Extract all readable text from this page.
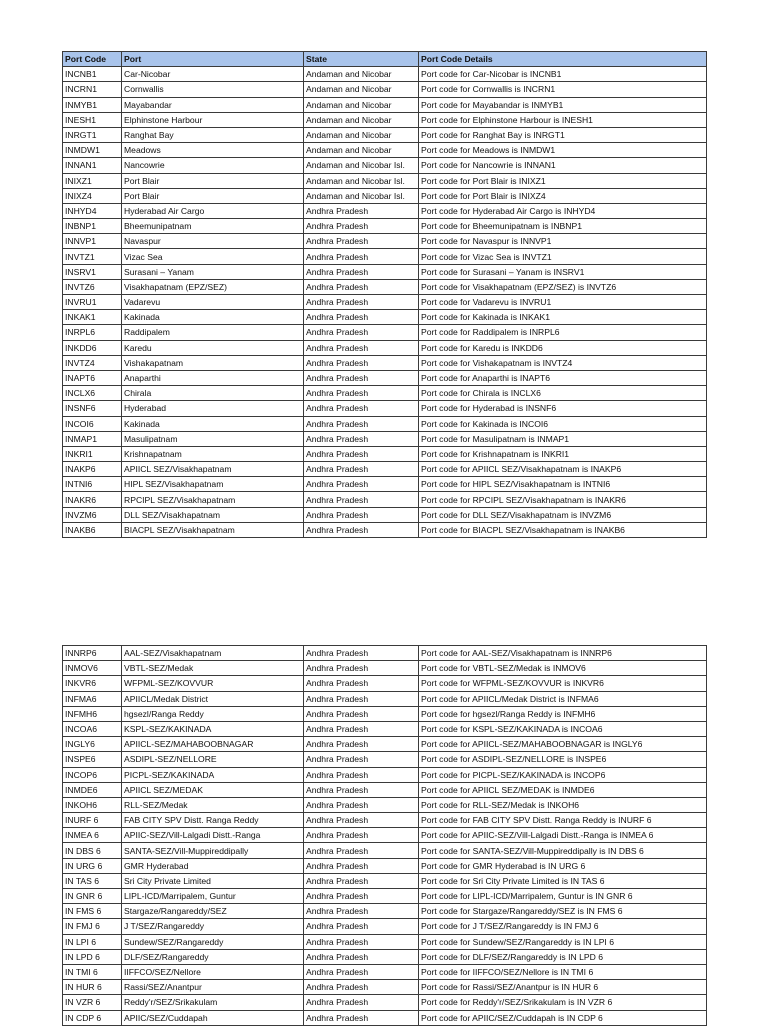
Port Code	Port	State	Port Code Details
INCNB1	Car-Nicobar	Andaman and Nicobar	Port code for Car-Nicobar is INCNB1
INCRN1	Cornwallis	Andaman and Nicobar	Port code for Cornwallis is INCRN1
INMYB1	Mayabandar	Andaman and Nicobar	Port code for Mayabandar is INMYB1
INESH1	Elphinstone Harbour	Andaman and Nicobar	Port code for Elphinstone Harbour is INESH1
INRGT1	Ranghat Bay	Andaman and Nicobar	Port code for Ranghat Bay is INRGT1
INMDW1	Meadows	Andaman and Nicobar	Port code for Meadows is INMDW1
INNAN1	Nancowrie	Andaman and Nicobar Isl.	Port code for Nancowrie is INNAN1
INIXZ1	Port Blair	Andaman and Nicobar Isl.	Port code for Port Blair is INIXZ1
INIXZ4	Port Blair	Andaman and Nicobar Isl.	Port code for Port Blair is INIXZ4
INHYD4	Hyderabad Air Cargo	Andhra Pradesh	Port code for Hyderabad Air Cargo is INHYD4
INBNP1	Bheemunipatnam	Andhra Pradesh	Port code for Bheemunipatnam is INBNP1
INNVP1	Navaspur	Andhra Pradesh	Port code for Navaspur is INNVP1
INVTZ1	Vizac Sea	Andhra Pradesh	Port code for Vizac Sea is INVTZ1
INSRV1	Surasani – Yanam	Andhra Pradesh	Port code for Surasani – Yanam is INSRV1
INVTZ6	Visakhapatnam (EPZ/SEZ)	Andhra Pradesh	Port code for Visakhapatnam (EPZ/SEZ) is INVTZ6
INVRU1	Vadarevu	Andhra Pradesh	Port code for Vadarevu is INVRU1
INKAK1	Kakinada	Andhra Pradesh	Port code for Kakinada is INKAK1
INRPL6	Raddipalem	Andhra Pradesh	Port code for Raddipalem is INRPL6
INKDD6	Karedu	Andhra Pradesh	Port code for Karedu is INKDD6
INVTZ4	Vishakapatnam	Andhra Pradesh	Port code for Vishakapatnam is INVTZ4
INAPT6	Anaparthi	Andhra Pradesh	Port code for Anaparthi is INAPT6
INCLX6	Chirala	Andhra Pradesh	Port code for Chirala is INCLX6
INSNF6	Hyderabad	Andhra Pradesh	Port code for Hyderabad is INSNF6
INCOI6	Kakinada	Andhra Pradesh	Port code for Kakinada is INCOI6
INMAP1	Masulipatnam	Andhra Pradesh	Port code for Masulipatnam is INMAP1
INKRI1	Krishnapatnam	Andhra Pradesh	Port code for Krishnapatnam is INKRI1
INAKP6	APIICL SEZ/Visakhapatnam	Andhra Pradesh	Port code for APIICL SEZ/Visakhapatnam is INAKP6
INTNI6	HIPL SEZ/Visakhapatnam	Andhra Pradesh	Port code for HIPL SEZ/Visakhapatnam is INTNI6
INAKR6	RPCIPL SEZ/Visakhapatnam	Andhra Pradesh	Port code for RPCIPL SEZ/Visakhapatnam is INAKR6
INVZM6	DLL SEZ/Visakhapatnam	Andhra Pradesh	Port code for DLL SEZ/Visakhapatnam is INVZM6
INAKB6	BIACPL SEZ/Visakhapatnam	Andhra Pradesh	Port code for BIACPL SEZ/Visakhapatnam is INAKB6
INNRP6	AAL-SEZ/Visakhapatnam	Andhra Pradesh	Port code for AAL-SEZ/Visakhapatnam is INNRP6
INMOV6	VBTL-SEZ/Medak	Andhra Pradesh	Port code for VBTL-SEZ/Medak is INMOV6
INKVR6	WFPML-SEZ/KOVVUR	Andhra Pradesh	Port code for WFPML-SEZ/KOVVUR is INKVR6
INFMA6	APIICL/Medak District	Andhra Pradesh	Port code for APIICL/Medak District is INFMA6
INFMH6	hgsezl/Ranga Reddy	Andhra Pradesh	Port code for hgsezl/Ranga Reddy is INFMH6
INCOA6	KSPL-SEZ/KAKINADA	Andhra Pradesh	Port code for KSPL-SEZ/KAKINADA is INCOA6
INGLY6	APIICL-SEZ/MAHABOOBNAGAR	Andhra Pradesh	Port code for APIICL-SEZ/MAHABOOBNAGAR is INGLY6
INSPE6	ASDIPL-SEZ/NELLORE	Andhra Pradesh	Port code for ASDIPL-SEZ/NELLORE is INSPE6
INCOP6	PICPL-SEZ/KAKINADA	Andhra Pradesh	Port code for PICPL-SEZ/KAKINADA is INCOP6
INMDE6	APIICL SEZ/MEDAK	Andhra Pradesh	Port code for APIICL SEZ/MEDAK is INMDE6
INKOH6	RLL-SEZ/Medak	Andhra Pradesh	Port code for RLL-SEZ/Medak is INKOH6
INURF 6	FAB CITY SPV Distt. Ranga Reddy	Andhra Pradesh	Port code for FAB CITY SPV Distt. Ranga Reddy is INURF 6
INMEA 6	APIIC-SEZ/Vill-Lalgadi Distt.-Ranga	Andhra Pradesh	Port code for APIIC-SEZ/Vill-Lalgadi Distt.-Ranga is INMEA 6
IN DBS 6	SANTA-SEZ/Vill-Muppireddipally	Andhra Pradesh	Port code for SANTA-SEZ/Vill-Muppireddipally is IN DBS 6
IN URG 6	GMR Hyderabad	Andhra Pradesh	Port code for GMR Hyderabad is IN URG 6
IN TAS 6	Sri City Private Limited	Andhra Pradesh	Port code for Sri City Private Limited is IN TAS 6
IN GNR 6	LIPL-ICD/Marripalem, Guntur	Andhra Pradesh	Port code for LIPL-ICD/Marripalem, Guntur is IN GNR 6
IN FMS 6	Stargaze/Rangareddy/SEZ	Andhra Pradesh	Port code for Stargaze/Rangareddy/SEZ is IN FMS 6
IN FMJ 6	J T/SEZ/Rangareddy	Andhra Pradesh	Port code for J T/SEZ/Rangareddy is IN FMJ 6
IN LPI 6	Sundew/SEZ/Rangareddy	Andhra Pradesh	Port code for Sundew/SEZ/Rangareddy is IN LPI 6
IN LPD 6	DLF/SEZ/Rangareddy	Andhra Pradesh	Port code for DLF/SEZ/Rangareddy is IN LPD 6
IN TMI 6	IIFFCO/SEZ/Nellore	Andhra Pradesh	Port code for IIFFCO/SEZ/Nellore is IN TMI 6
IN HUR 6	Rassi/SEZ/Anantpur	Andhra Pradesh	Port code for Rassi/SEZ/Anantpur is IN HUR 6
IN VZR 6	Reddy'r/SEZ/Srikakulam	Andhra Pradesh	Port code for Reddy'r/SEZ/Srikakulam is IN VZR 6
IN CDP 6	APIIC/SEZ/Cuddapah	Andhra Pradesh	Port code for APIIC/SEZ/Cuddapah is IN CDP 6
